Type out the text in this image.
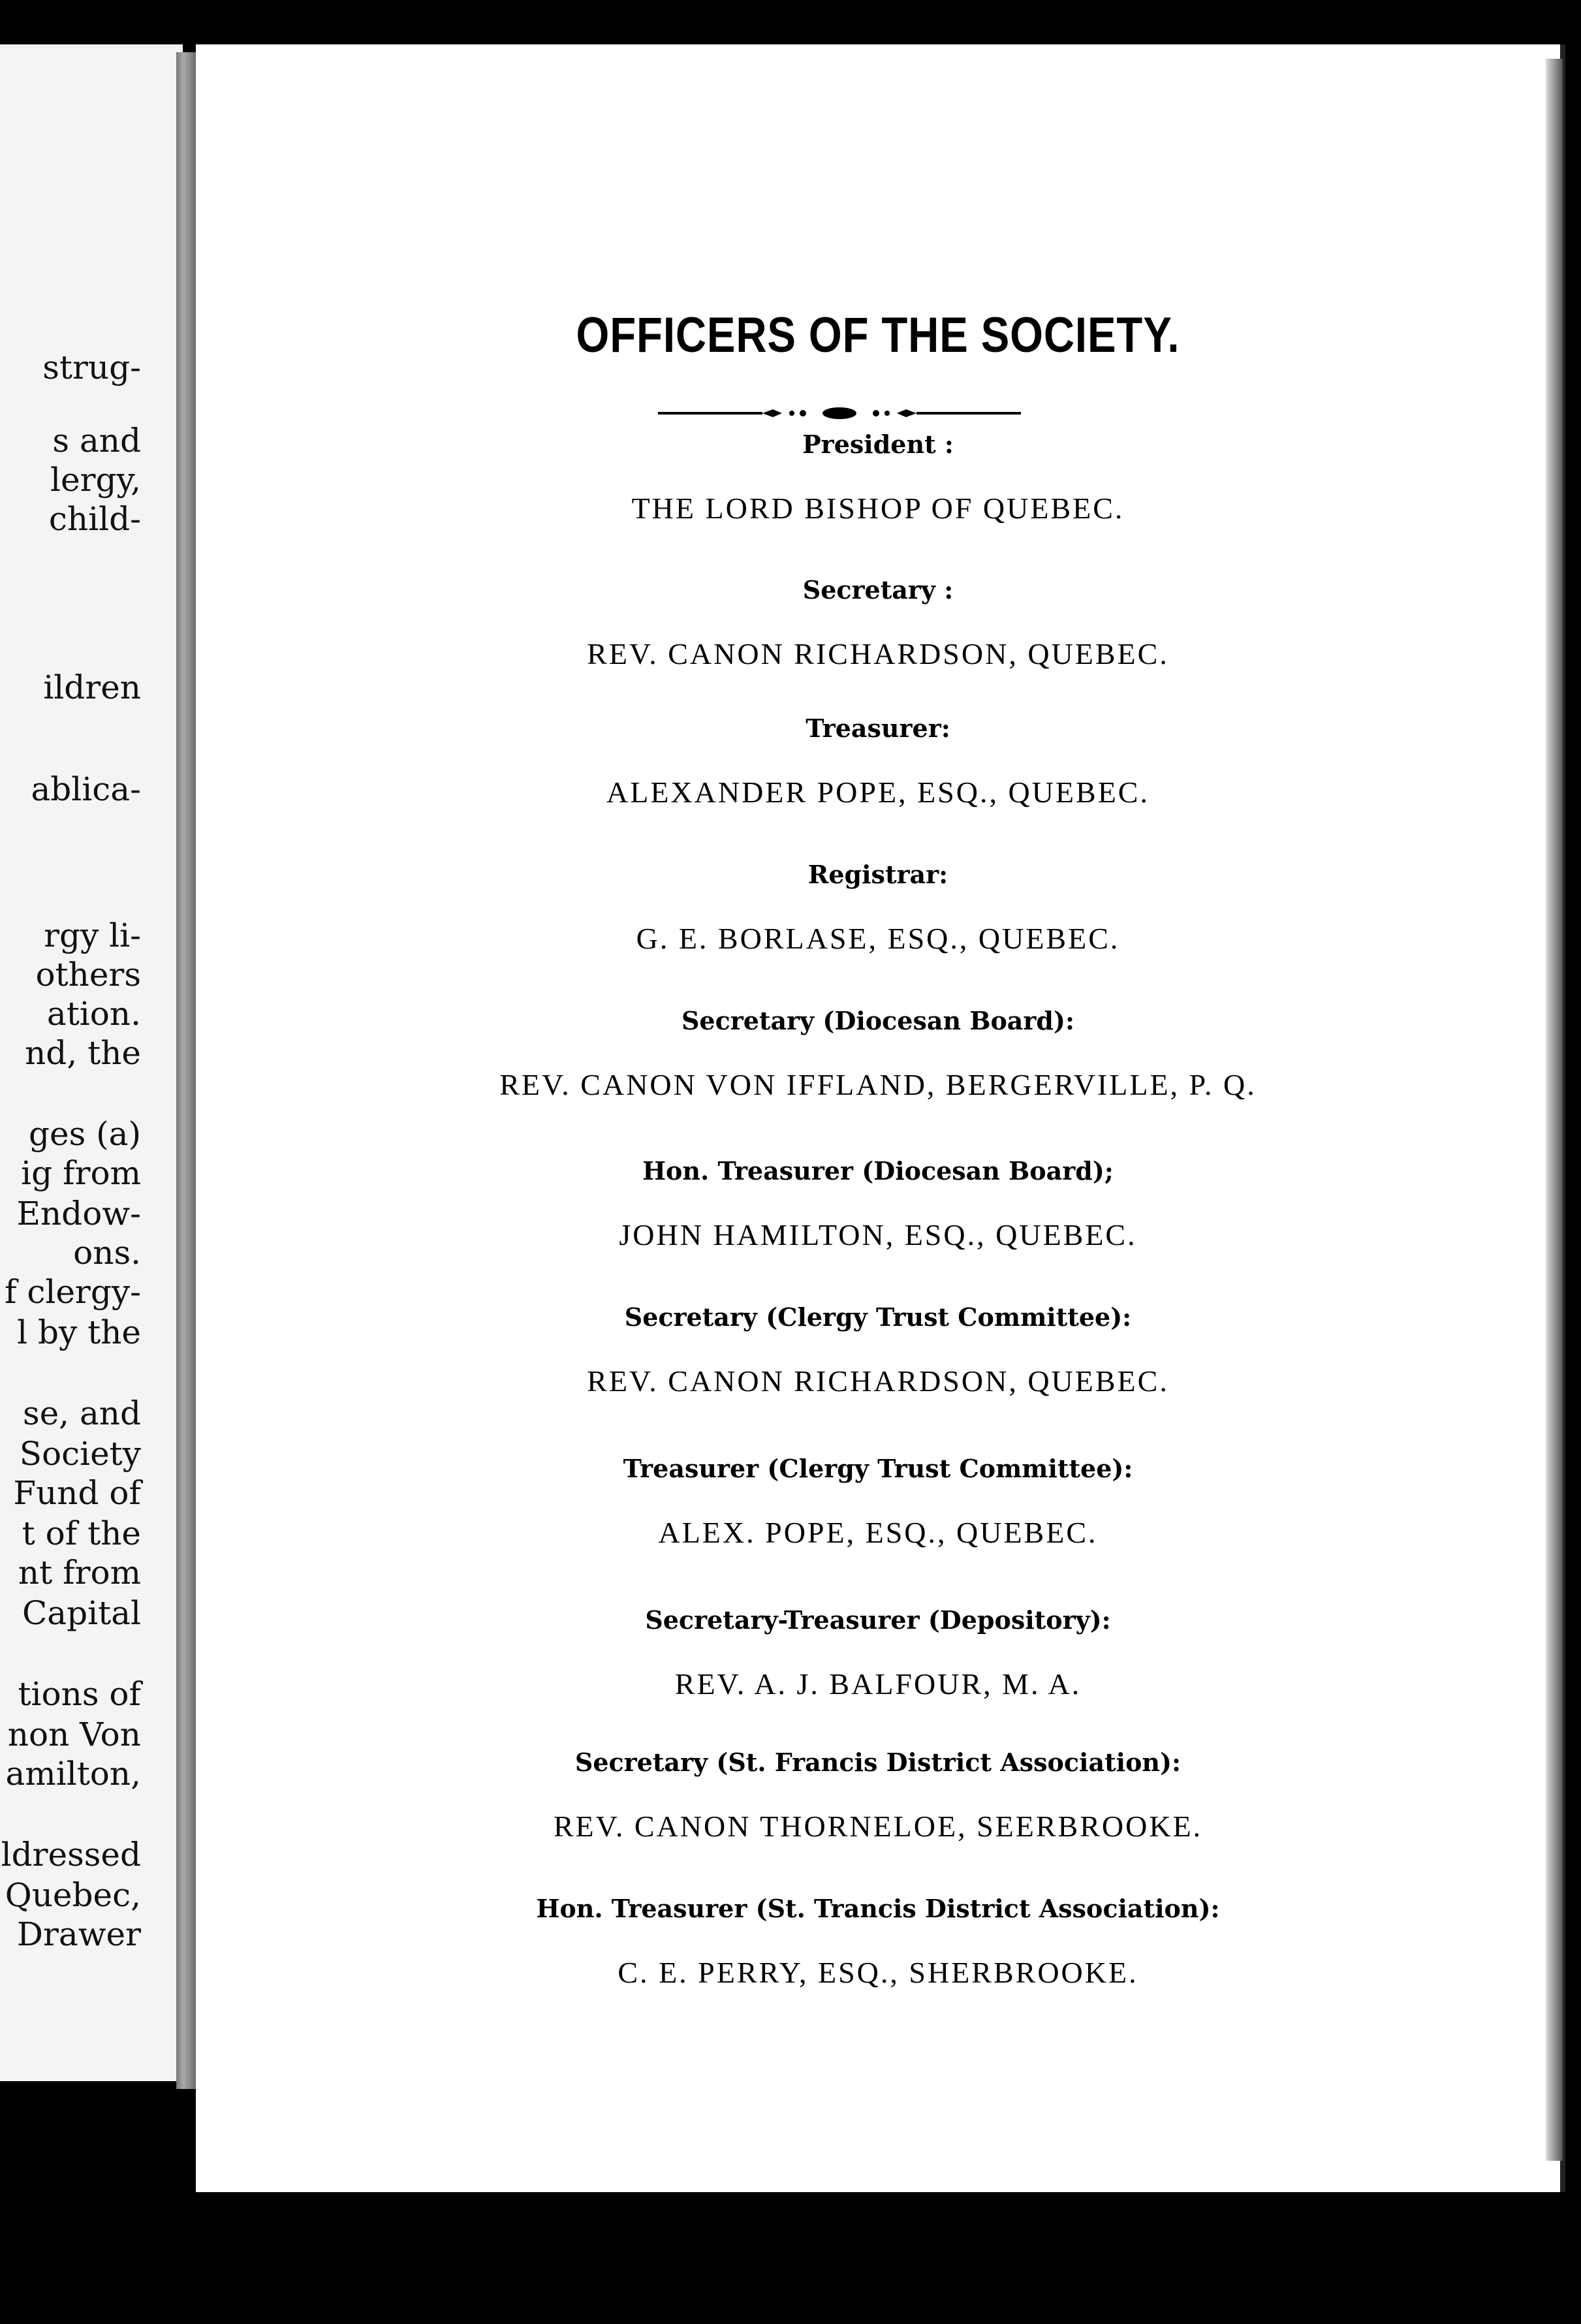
strug-
s and
lergy,
child-
ildren
ablica-
rgy li-
others
ation.
nd, the
ges (a)
ig from
Endow-
ons.
f clergy-
l by the
se, and
Society
Fund of
t of the
nt from
Capital
tions of
non Von
amilton,
ldressed
Quebec,
Drawer
OFFICERS OF THE SOCIETY.
President :
THE LORD BISHOP OF QUEBEC.
Secretary :
REV. CANON RICHARDSON, QUEBEC.
Treasurer:
ALEXANDER POPE, ESQ., QUEBEC.
Registrar:
G. E. BORLASE, ESQ., QUEBEC.
Secretary (Diocesan Board):
REV. CANON VON IFFLAND, BERGERVILLE, P. Q.
Hon. Treasurer (Diocesan Board);
JOHN HAMILTON, ESQ., QUEBEC.
Secretary (Clergy Trust Committee):
REV. CANON RICHARDSON, QUEBEC.
Treasurer (Clergy Trust Committee):
ALEX. POPE, ESQ., QUEBEC.
Secretary-Treasurer (Depository):
REV. A. J. BALFOUR, M. A.
Secretary (St. Francis District Association):
REV. CANON THORNELOE, SEERBROOKE.
Hon. Treasurer (St. Trancis District Association):
C. E. PERRY, ESQ., SHERBROOKE.
